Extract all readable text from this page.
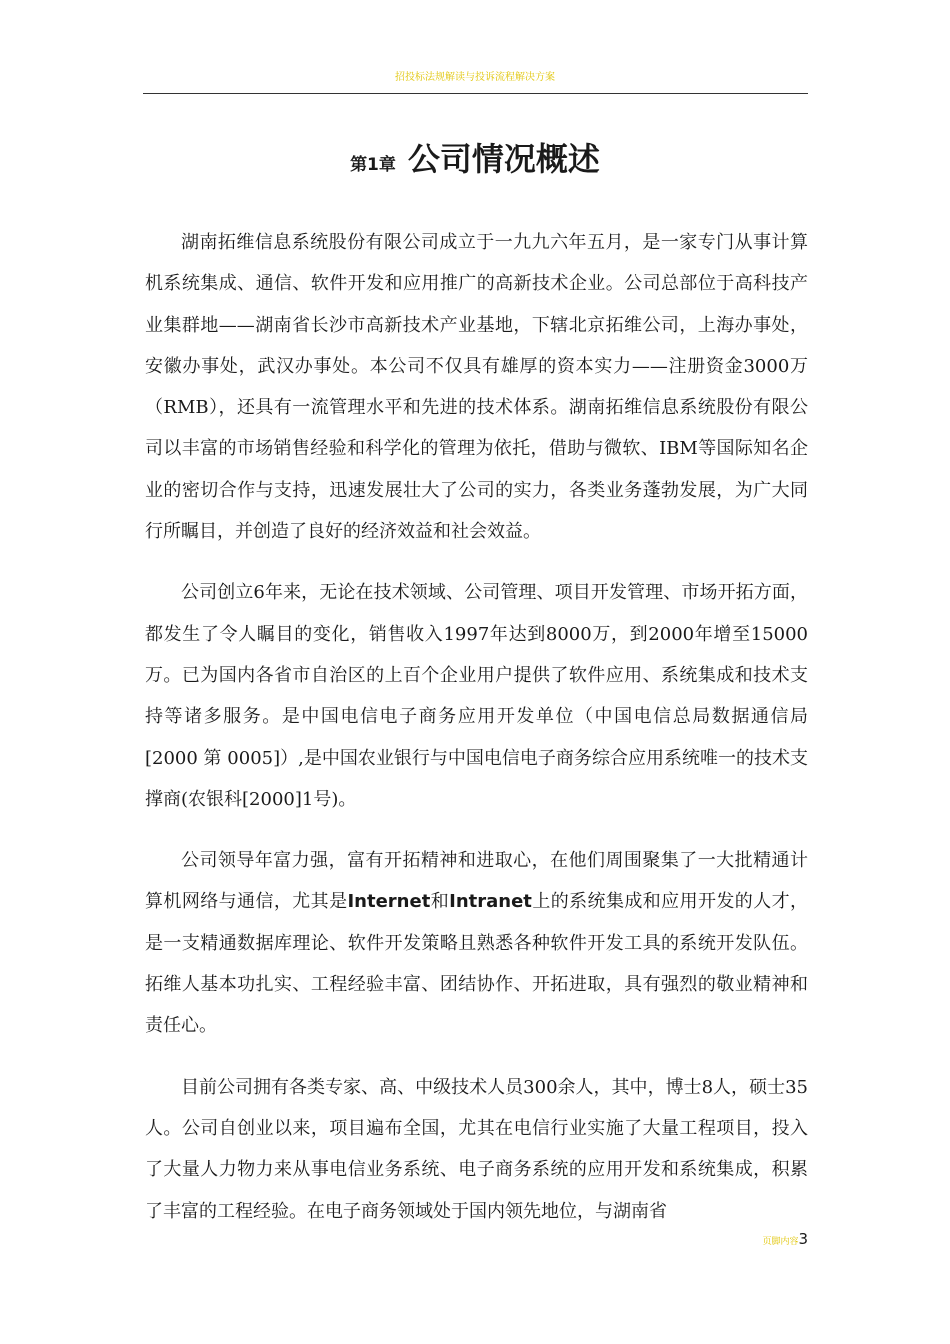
招投标法规解读与投诉流程解决方案
第1章 公司情况概述

湖南拓维信息系统股份有限公司成立于一九九六年五月，是一家专门从事计算机系统集成、通信、软件开发和应用推广的高新技术企业。公司总部位于高科技产业集群地——湖南省长沙市高新技术产业基地，下辖北京拓维公司，上海办事处，安徽办事处，武汉办事处。本公司不仅具有雄厚的资本实力——注册资金3000万（RMB），还具有一流管理水平和先进的技术体系。湖南拓维信息系统股份有限公司以丰富的市场销售经验和科学化的管理为依托，借助与微软、IBM等国际知名企业的密切合作与支持，迅速发展壮大了公司的实力，各类业务蓬勃发展，为广大同行所瞩目，并创造了良好的经济效益和社会效益。

公司创立6年来，无论在技术领域、公司管理、项目开发管理、市场开拓方面，都发生了令人瞩目的变化，销售收入1997年达到8000万，到2000年增至15000万。已为国内各省市自治区的上百个企业用户提供了软件应用、系统集成和技术支持等诸多服务。是中国电信电子商务应用开发单位（中国电信总局数据通信局[2000 第 0005]）,是中国农业银行与中国电信电子商务综合应用系统唯一的技术支撑商(农银科[2000]1号)。

公司领导年富力强，富有开拓精神和进取心，在他们周围聚集了一大批精通计算机网络与通信，尤其是Internet和Intranet上的系统集成和应用开发的人才，是一支精通数据库理论、软件开发策略且熟悉各种软件开发工具的系统开发队伍。拓维人基本功扎实、工程经验丰富、团结协作、开拓进取，具有强烈的敬业精神和责任心。

目前公司拥有各类专家、高、中级技术人员300余人，其中，博士8人，硕士35人。公司自创业以来，项目遍布全国，尤其在电信行业实施了大量工程项目，投入了大量人力物力来从事电信业务系统、电子商务系统的应用开发和系统集成，积累了丰富的工程经验。在电子商务领域处于国内领先地位，与湖南省

页脚内容3
